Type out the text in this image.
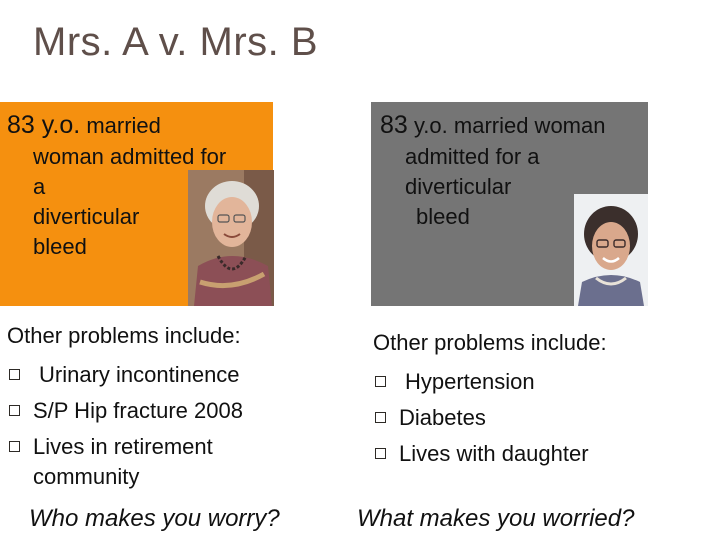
Mrs. A v. Mrs. B
83 y.o. married
woman admitted for
a
diverticular
bleed
Other problems include:
Urinary incontinence
S/P Hip fracture 2008
Lives in retirement community
Who makes you worry?
83 y.o. married woman
admitted for a
diverticular
bleed
Other problems include:
Hypertension
Diabetes
Lives with daughter
What makes you worried?
